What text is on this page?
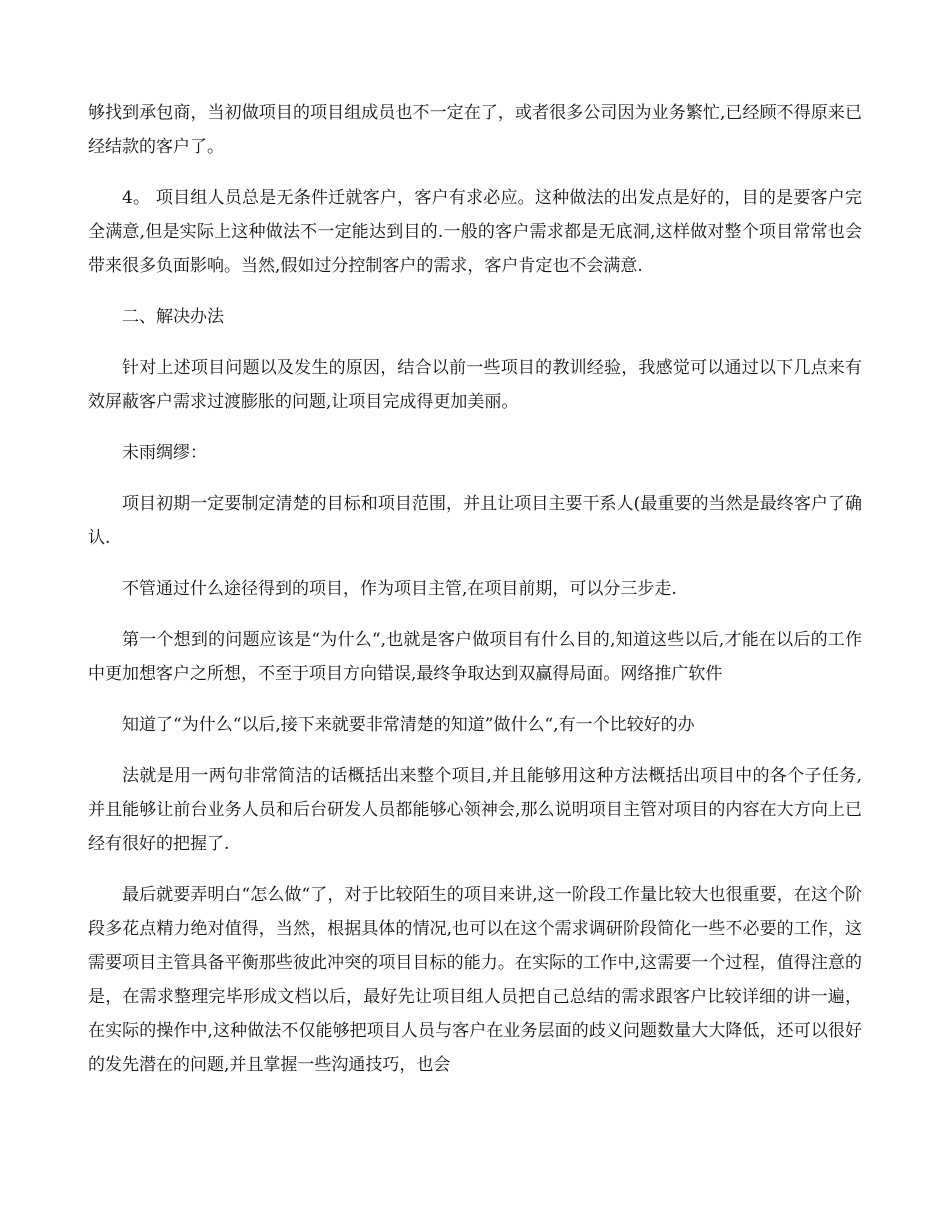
够找到承包商，当初做项目的项目组成员也不一定在了，或者很多公司因为业务繁忙,已经顾不得原来已经结款的客户了。

4。 项目组人员总是无条件迁就客户，客户有求必应。这种做法的出发点是好的，目的是要客户完全满意,但是实际上这种做法不一定能达到目的.一般的客户需求都是无底洞,这样做对整个项目常常也会带来很多负面影响。当然,假如过分控制客户的需求，客户肯定也不会满意.

二、解决办法

针对上述项目问题以及发生的原因，结合以前一些项目的教训经验，我感觉可以通过以下几点来有效屏蔽客户需求过渡膨胀的问题,让项目完成得更加美丽。

未雨绸缪：

项目初期一定要制定清楚的目标和项目范围，并且让项目主要干系人(最重要的当然是最终客户了确认.

不管通过什么途径得到的项目，作为项目主管,在项目前期，可以分三步走.

第一个想到的问题应该是“为什么“,也就是客户做项目有什么目的,知道这些以后,才能在以后的工作中更加想客户之所想，不至于项目方向错误,最终争取达到双赢得局面。网络推广软件

知道了“为什么“以后,接下来就要非常清楚的知道”做什么“,有一个比较好的办

法就是用一两句非常简洁的话概括出来整个项目,并且能够用这种方法概括出项目中的各个子任务,并且能够让前台业务人员和后台研发人员都能够心领神会,那么说明项目主管对项目的内容在大方向上已经有很好的把握了.

最后就要弄明白“怎么做“了，对于比较陌生的项目来讲,这一阶段工作量比较大也很重要，在这个阶段多花点精力绝对值得，当然，根据具体的情况,也可以在这个需求调研阶段简化一些不必要的工作，这需要项目主管具备平衡那些彼此冲突的项目目标的能力。在实际的工作中,这需要一个过程，值得注意的是，在需求整理完毕形成文档以后，最好先让项目组人员把自己总结的需求跟客户比较详细的讲一遍，在实际的操作中,这种做法不仅能够把项目人员与客户在业务层面的歧义问题数量大大降低，还可以很好的发先潜在的问题,并且掌握一些沟通技巧，也会
